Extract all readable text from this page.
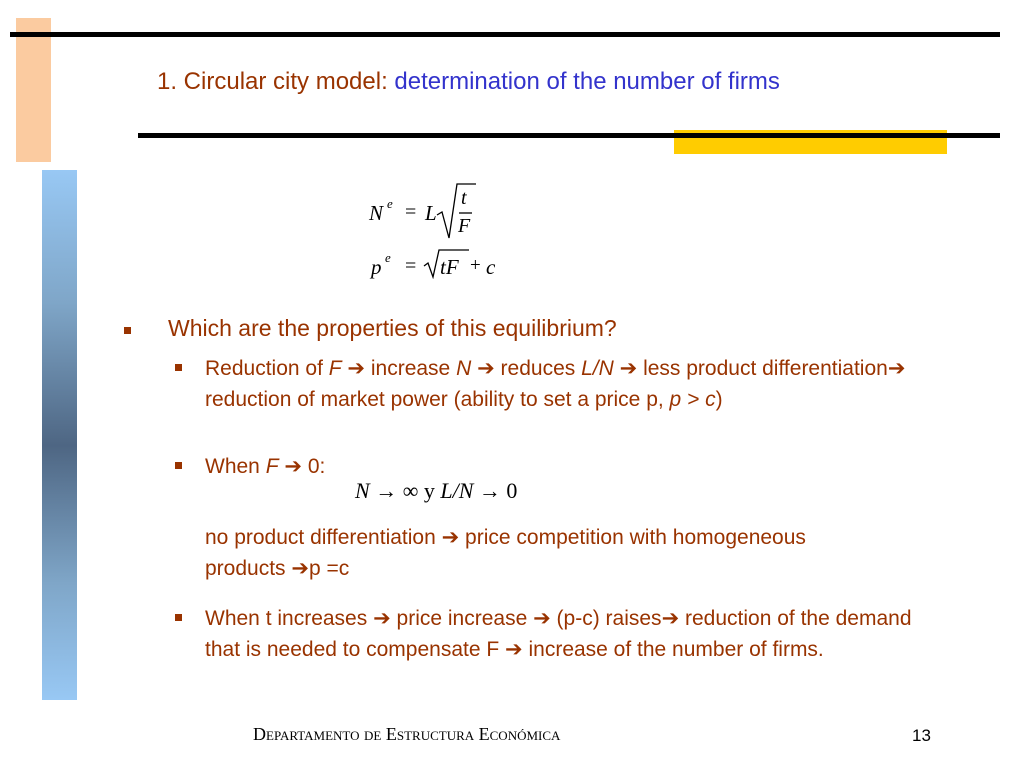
1. Circular city model: determination of the number of firms
N e = L
t
F
p e = tF + c
Which are the properties of this equilibrium?
Reduction of F ➔ increase N ➔ reduces L/N ➔ less product differentiation➔ reduction of market power (ability to set a price p, p > c)
When F ➔ 0:
N → ∞ y L/N → 0
no product differentiation ➔ price competition with homogeneous products ➔p =c
When t increases ➔ price increase ➔ (p-c) raises➔ reduction of the demand that is needed to compensate F ➔ increase of the number of firms.
Departamento de Estructura Económica	13
